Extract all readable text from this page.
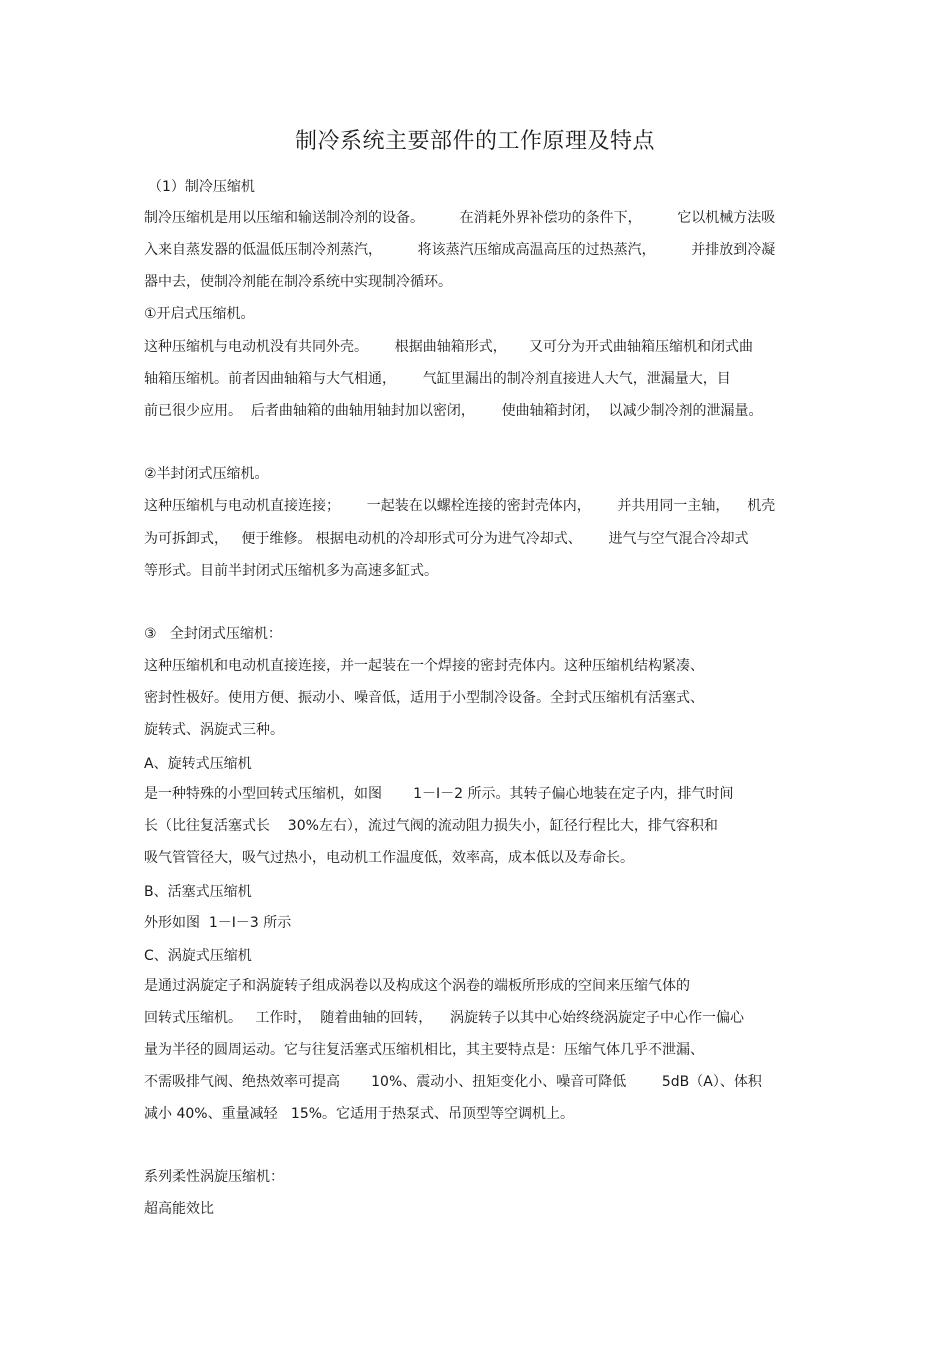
制冷系统主要部件的工作原理及特点
（1）制冷压缩机
制冷压缩机是用以压缩和输送制冷剂的设备。        在消耗外界补偿功的条件下，        它以机械方法吸
入来自蒸发器的低温低压制冷剂蒸汽，        将该蒸汽压缩成高温高压的过热蒸汽，        并排放到冷凝
器中去，使制冷剂能在制冷系统中实现制冷循环。
①开启式压缩机。
这种压缩机与电动机没有共同外壳。      根据曲轴箱形式，     又可分为开式曲轴箱压缩机和闭式曲
轴箱压缩机。前者因曲轴箱与大气相通，      气缸里漏出的制冷剂直接进人大气，泄漏量大，目
前已很少应用。  后者曲轴箱的曲轴用轴封加以密闭，      使曲轴箱封闭，  以减少制冷剂的泄漏量。
②半封闭式压缩机。
这种压缩机与电动机直接连接；      一起装在以螺栓连接的密封壳体内，      并共用同一主轴，    机壳
为可拆卸式，   便于维修。 根据电动机的冷却形式可分为进气冷却式、      进气与空气混合冷却式
等形式。目前半封闭式压缩机多为高速多缸式。
③   全封闭式压缩机：
这种压缩机和电动机直接连接，并一起装在一个焊接的密封壳体内。这种压缩机结构紧凑、
密封性极好。使用方便、振动小、噪音低，适用于小型制冷设备。全封式压缩机有活塞式、
旋转式、涡旋式三种。
A、旋转式压缩机
是一种特殊的小型回转式压缩机，如图       1－I－2 所示。其转子偏心地装在定子内，排气时间
长（比往复活塞式长    30%左右），流过气阀的流动阻力损失小，缸径行程比大，排气容积和
吸气管管径大，吸气过热小，电动机工作温度低，效率高，成本低以及寿命长。
B、活塞式压缩机
外形如图  1－I－3 所示
C、涡旋式压缩机
是通过涡旋定子和涡旋转子组成涡卷以及构成这个涡卷的端板所形成的空间来压缩气体的
回转式压缩机。   工作时，  随着曲轴的回转，    涡旋转子以其中心始终绕涡旋定子中心作一偏心
量为半径的圆周运动。它与往复活塞式压缩机相比，其主要特点是：压缩气体几乎不泄漏、
不需吸排气阀、绝热效率可提高       10%、震动小、扭矩变化小、噪音可降低        5dB（A）、体积
减小 40%、重量减轻   15%。它适用于热泵式、吊顶型等空调机上。
系列柔性涡旋压缩机：
超高能效比
